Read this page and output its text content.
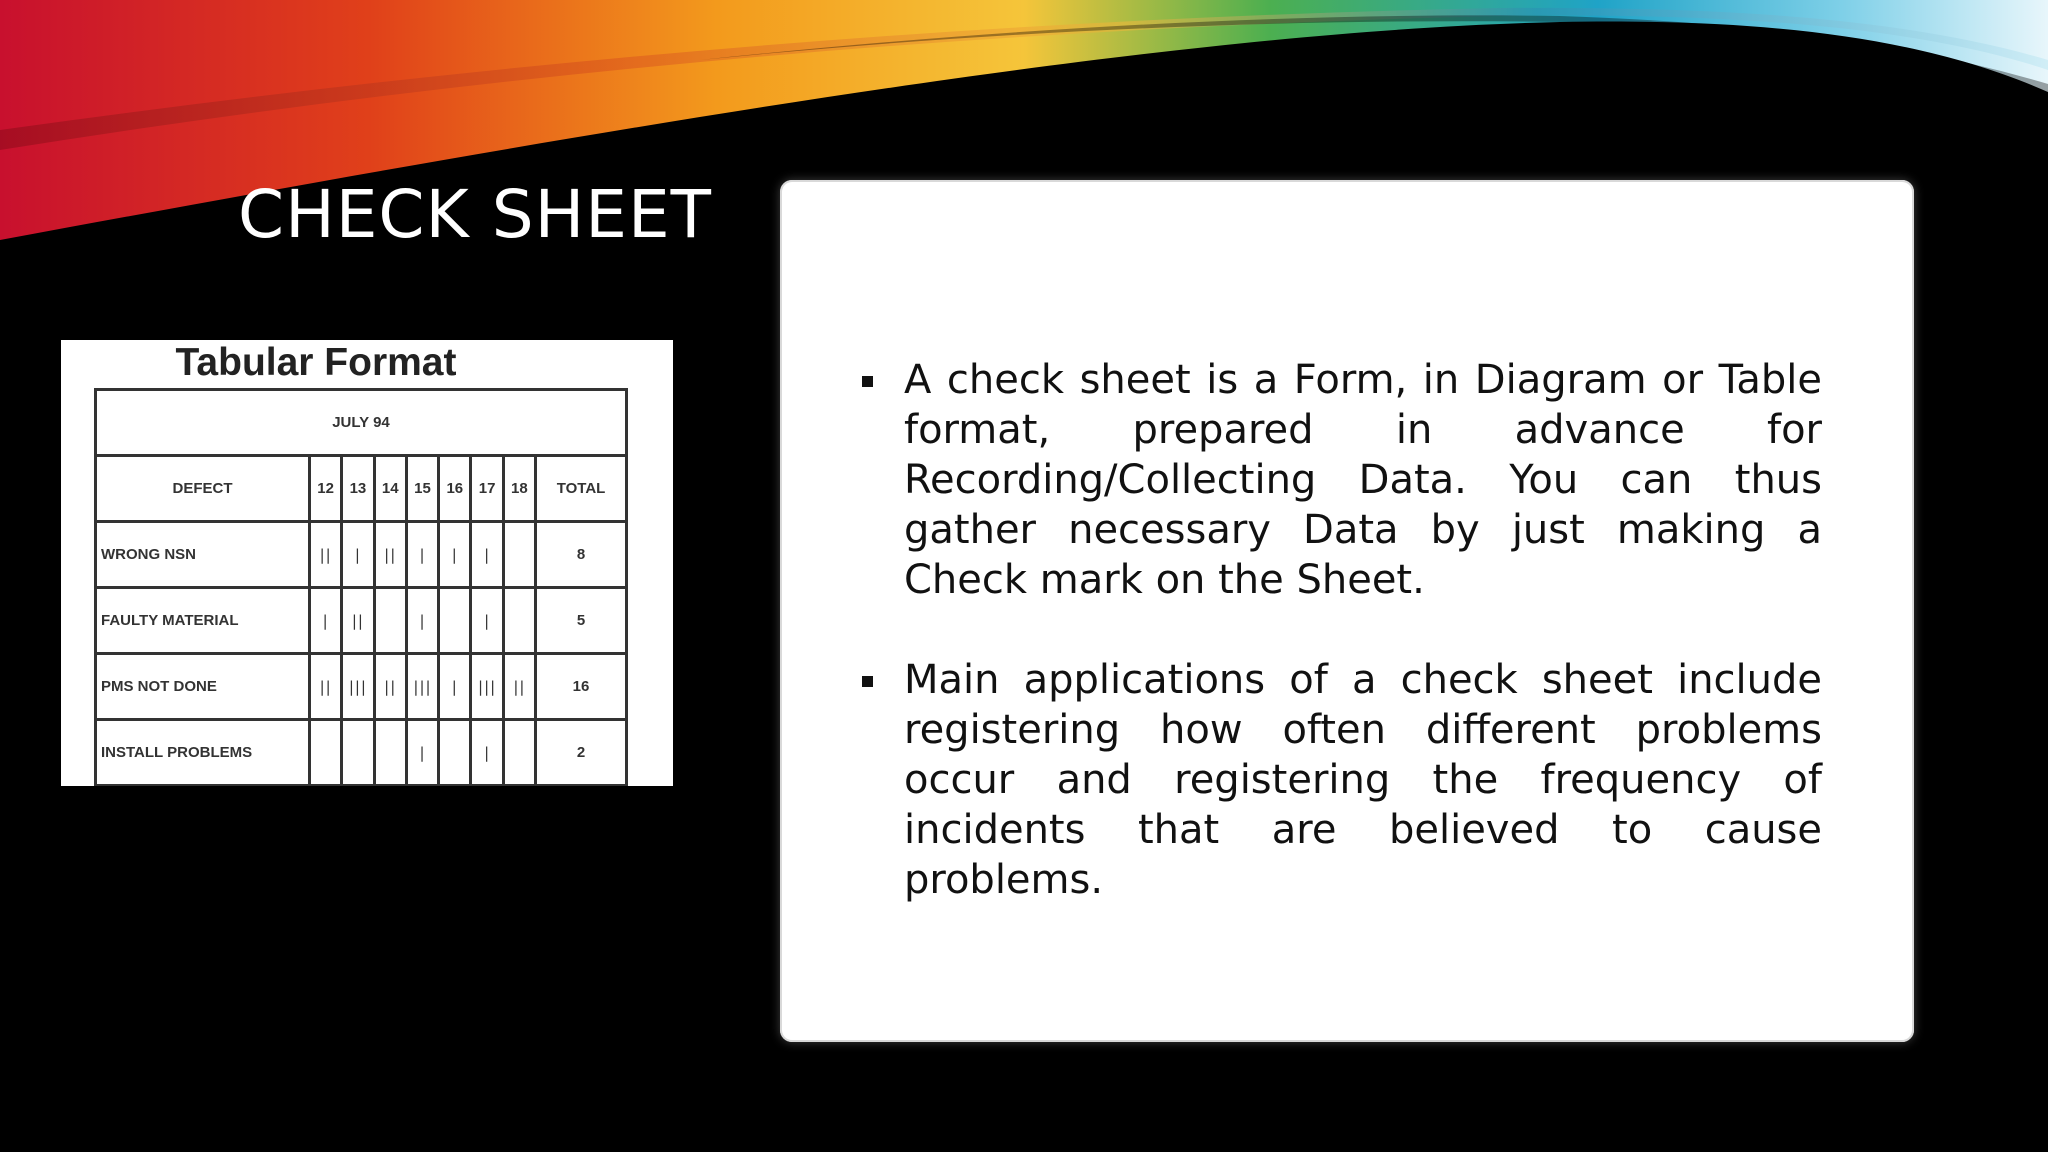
CHECK SHEET
Tabular Format
JULY 94								
DEFECT	12	13	14	15	16	17	18	TOTAL
WRONG NSN	||	|	||	|	|	|		8
FAULTY MATERIAL	|	||		|		|		5
PMS NOT DONE	||	|||	||	|||	|	|||	||	16
INSTALL PROBLEMS				|		|		2
A check sheet is a Form, in Diagram or Table format, prepared in advance for Recording/Collecting Data. You can thus gather necessary Data by just making a Check mark on the Sheet.
Main applications of a check sheet include registering how often different problems occur and registering the frequency of incidents that are believed to cause problems.
